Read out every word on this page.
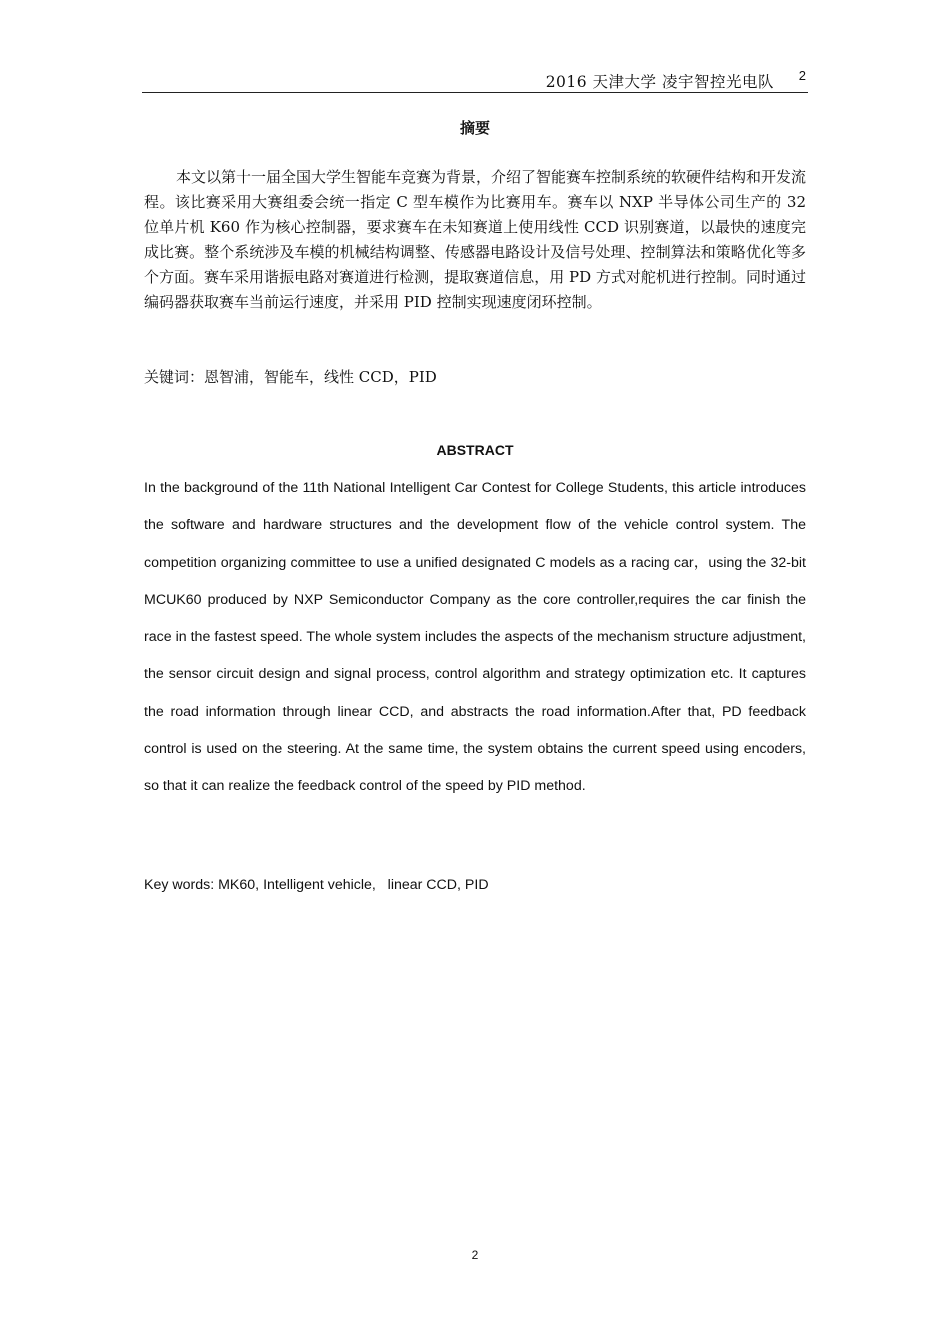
2016 天津大学 凌宇智控光电队 2
摘要

本文以第十一届全国大学生智能车竞赛为背景，介绍了智能赛车控制系统的软硬件结构和开发流程。该比赛采用大赛组委会统一指定 C 型车模作为比赛用车。赛车以 NXP 半导体公司生产的 32 位单片机 K60 作为核心控制器，要求赛车在未知赛道上使用线性 CCD 识别赛道，以最快的速度完成比赛。整个系统涉及车模的机械结构调整、传感器电路设计及信号处理、控制算法和策略优化等多个方面。赛车采用谐振电路对赛道进行检测，提取赛道信息，用 PD 方式对舵机进行控制。同时通过编码器获取赛车当前运行速度，并采用 PID 控制实现速度闭环控制。

关键词：恩智浦，智能车，线性 CCD，PID
ABSTRACT

In the background of the 11th National Intelligent Car Contest for College Students, this article introduces the software and hardware structures and the development flow of the vehicle control system. The competition organizing committee to use a unified designated C models as a racing car，using the 32-bit MCUK60 produced by NXP Semiconductor Company as the core controller,requires the car finish the race in the fastest speed. The whole system includes the aspects of the mechanism structure adjustment, the sensor circuit design and signal process, control algorithm and strategy optimization etc. It captures the road information through linear CCD, and abstracts the road information.After that, PD feedback control is used on the steering. At the same time, the system obtains the current speed using encoders, so that it can realize the feedback control of the speed by PID method.

Key words: MK60, Intelligent vehicle,   linear CCD, PID
2
